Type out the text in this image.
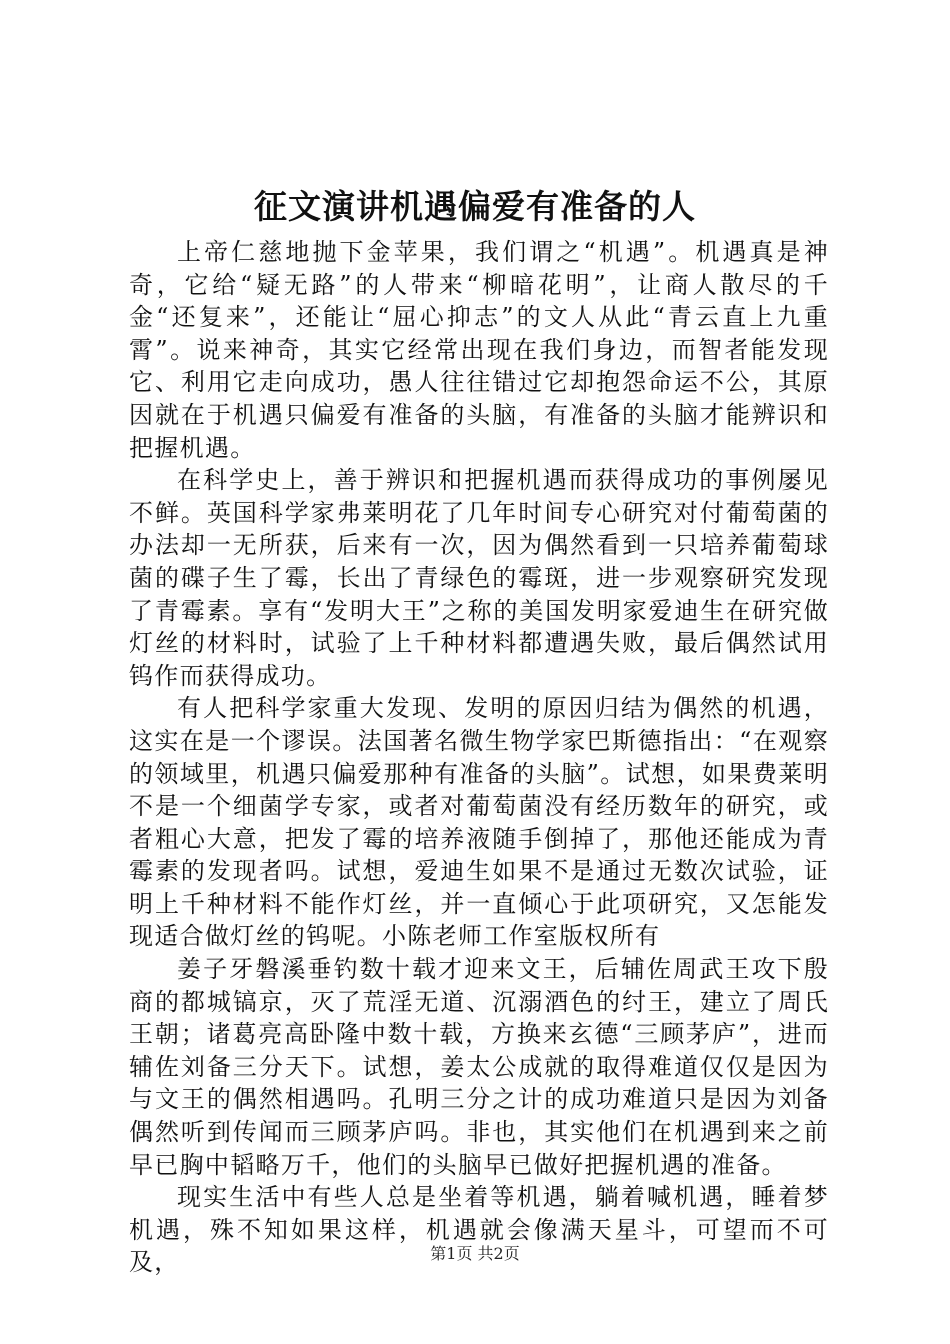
征文演讲机遇偏爱有准备的人

上帝仁慈地抛下金苹果，我们谓之“机遇”。机遇真是神奇，它给“疑无路”的人带来“柳暗花明”，让商人散尽的千金“还复来”，还能让“屈心抑志”的文人从此“青云直上九重霄”。说来神奇，其实它经常出现在我们身边，而智者能发现它、利用它走向成功，愚人往往错过它却抱怨命运不公，其原因就在于机遇只偏爱有准备的头脑，有准备的头脑才能辨识和把握机遇。

在科学史上，善于辨识和把握机遇而获得成功的事例屡见不鲜。英国科学家弗莱明花了几年时间专心研究对付葡萄菌的办法却一无所获，后来有一次，因为偶然看到一只培养葡萄球菌的碟子生了霉，长出了青绿色的霉斑，进一步观察研究发现了青霉素。享有“发明大王”之称的美国发明家爱迪生在研究做灯丝的材料时，试验了上千种材料都遭遇失败，最后偶然试用钨作而获得成功。

有人把科学家重大发现、发明的原因归结为偶然的机遇，这实在是一个谬误。法国著名微生物学家巴斯德指出：“在观察的领域里，机遇只偏爱那种有准备的头脑”。试想，如果费莱明不是一个细菌学专家，或者对葡萄菌没有经历数年的研究，或者粗心大意，把发了霉的培养液随手倒掉了，那他还能成为青霉素的发现者吗。试想，爱迪生如果不是通过无数次试验，证明上千种材料不能作灯丝，并一直倾心于此项研究，又怎能发现适合做灯丝的钨呢。小陈老师工作室版权所有

姜子牙磐溪垂钓数十载才迎来文王，后辅佐周武王攻下殷商的都城镐京，灭了荒淫无道、沉溺酒色的纣王，建立了周氏王朝；诸葛亮高卧隆中数十载，方换来玄德“三顾茅庐”，进而辅佐刘备三分天下。试想，姜太公成就的取得难道仅仅是因为与文王的偶然相遇吗。孔明三分之计的成功难道只是因为刘备偶然听到传闻而三顾茅庐吗。非也，其实他们在机遇到来之前早已胸中韬略万千，他们的头脑早已做好把握机遇的准备。

现实生活中有些人总是坐着等机遇，躺着喊机遇，睡着梦机遇，殊不知如果这样，机遇就会像满天星斗，可望而不可及，	第1页 共2页
